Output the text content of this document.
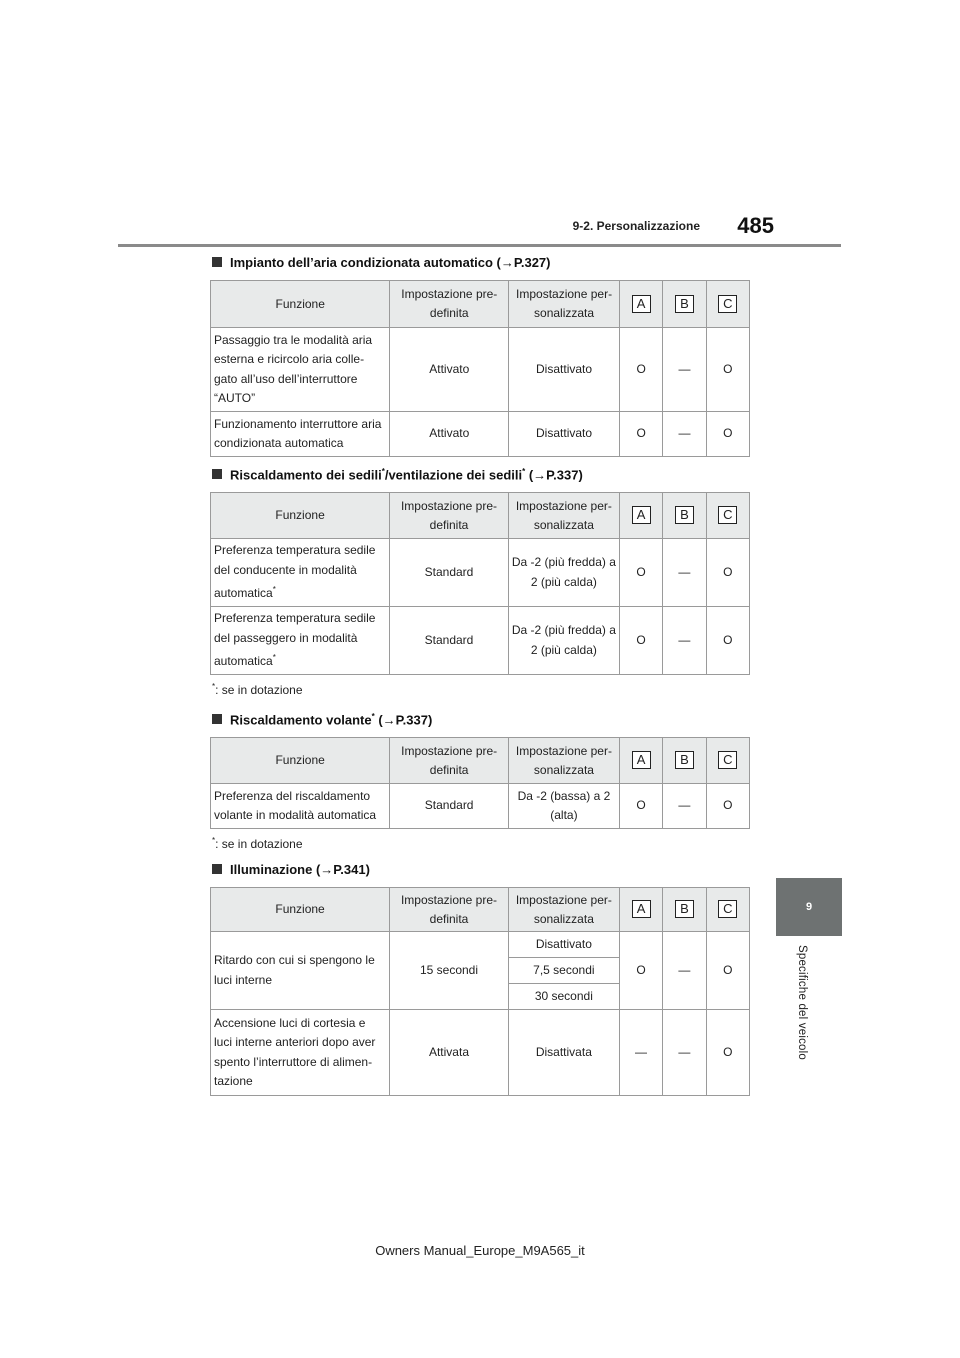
9-2. Personalizzazione	485
9
Specifiche del veicolo
Impianto dell’aria condizionata automatico (→P.327)
Funzione	Impostazione pre-definita	Impostazione per-sonalizzata	A	B	C
Passaggio tra le modalità aria esterna e ricircolo aria colle-gato all’uso dell’interruttore “AUTO”	Attivato	Disattivato	O	—	O
Funzionamento interruttore aria condizionata automatica	Attivato	Disattivato	O	—	O
Riscaldamento dei sedili*/ventilazione dei sedili* (→P.337)
Funzione	Impostazione pre-definita	Impostazione per-sonalizzata	A	B	C
Preferenza temperatura sedile del conducente in modalità automatica*	Standard	Da -2 (più fredda) a 2 (più calda)	O	—	O
Preferenza temperatura sedile del passeggero in modalità automatica*	Standard	Da -2 (più fredda) a 2 (più calda)	O	—	O
*: se in dotazione
Riscaldamento volante* (→P.337)
Funzione	Impostazione pre-definita	Impostazione per-sonalizzata	A	B	C
Preferenza del riscaldamento volante in modalità automatica	Standard	Da -2 (bassa) a 2 (alta)	O	—	O
*: se in dotazione
Illuminazione (→P.341)
Funzione	Impostazione pre-definita	Impostazione per-sonalizzata	A	B	C
Ritardo con cui si spengono le luci interne	15 secondi	Disattivato	O	—	O
		7,5 secondi			
		30 secondi			
Accensione luci di cortesia e luci interne anteriori dopo aver spento l’interruttore di alimen-tazione	Attivata	Disattivata	—	—	O
Owners Manual_Europe_M9A565_it
